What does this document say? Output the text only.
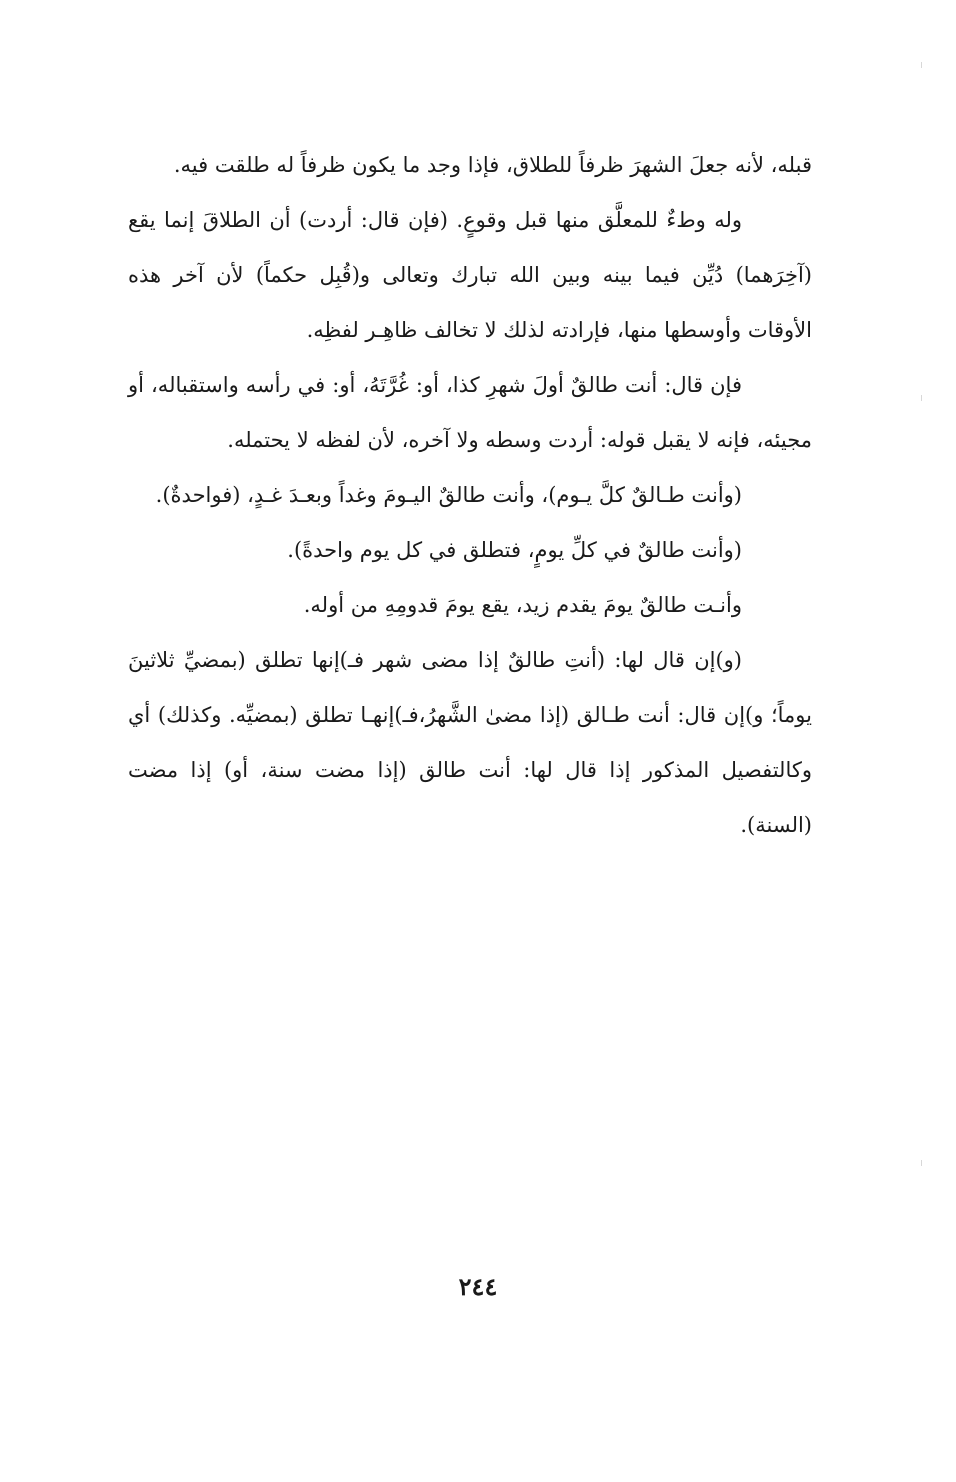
قبله، لأنه جعلَ الشهرَ ظرفاً للطلاق، فإذا وجد ما يكون ظرفاً له طلقت فيه.

وله وطءٌ للمعلَّق منها قبل وقوعٍ. (فإن قال: أردت) أن الطلاقَ إنما يقع (آخِرَهما) دُيِّن فيما بينه وبين الله تبارك وتعالى و(قُبِل حكماً) لأن آخر هذه الأوقات وأوسطها منها، فإرادته لذلك لا تخالف ظاهِـر لفظِه.

فإن قال: أنت طالقٌ أولَ شهرِ كذا، أو: غُرَّتَهُ، أو: في رأسه واستقباله، أو مجيئه، فإنه لا يقبل قوله: أردت وسطه ولا آخره، لأن لفظه لا يحتمله.

(وأنت طـالقٌ كلَّ يـوم)، وأنت طالقٌ اليـومَ وغداً وبعـدَ غـدٍ، (فواحدةٌ).

(وأنت طالقٌ في كلِّ يومٍ، فتطلق في كل يوم واحدةً).

وأنـت طالقٌ يومَ يقدم زيد، يقع يومَ قدومِهِ من أوله.

(و)إن قال لها: (أنتِ طالقٌ إذا مضى شهر فـ)إنها تطلق (بمضيِّ ثلاثينَ يوماً؛ و)إن قال: أنت طـالق (إذا مضىٰ الشَّهرُ،فـ)إنهـا تطلق (بمضيِّه. وكذلك) أي وكالتفصيل المذكور إذا قال لها: أنت طالق (إذا مضت سنة، أو) إذا مضت (السنة).

٢٤٤
